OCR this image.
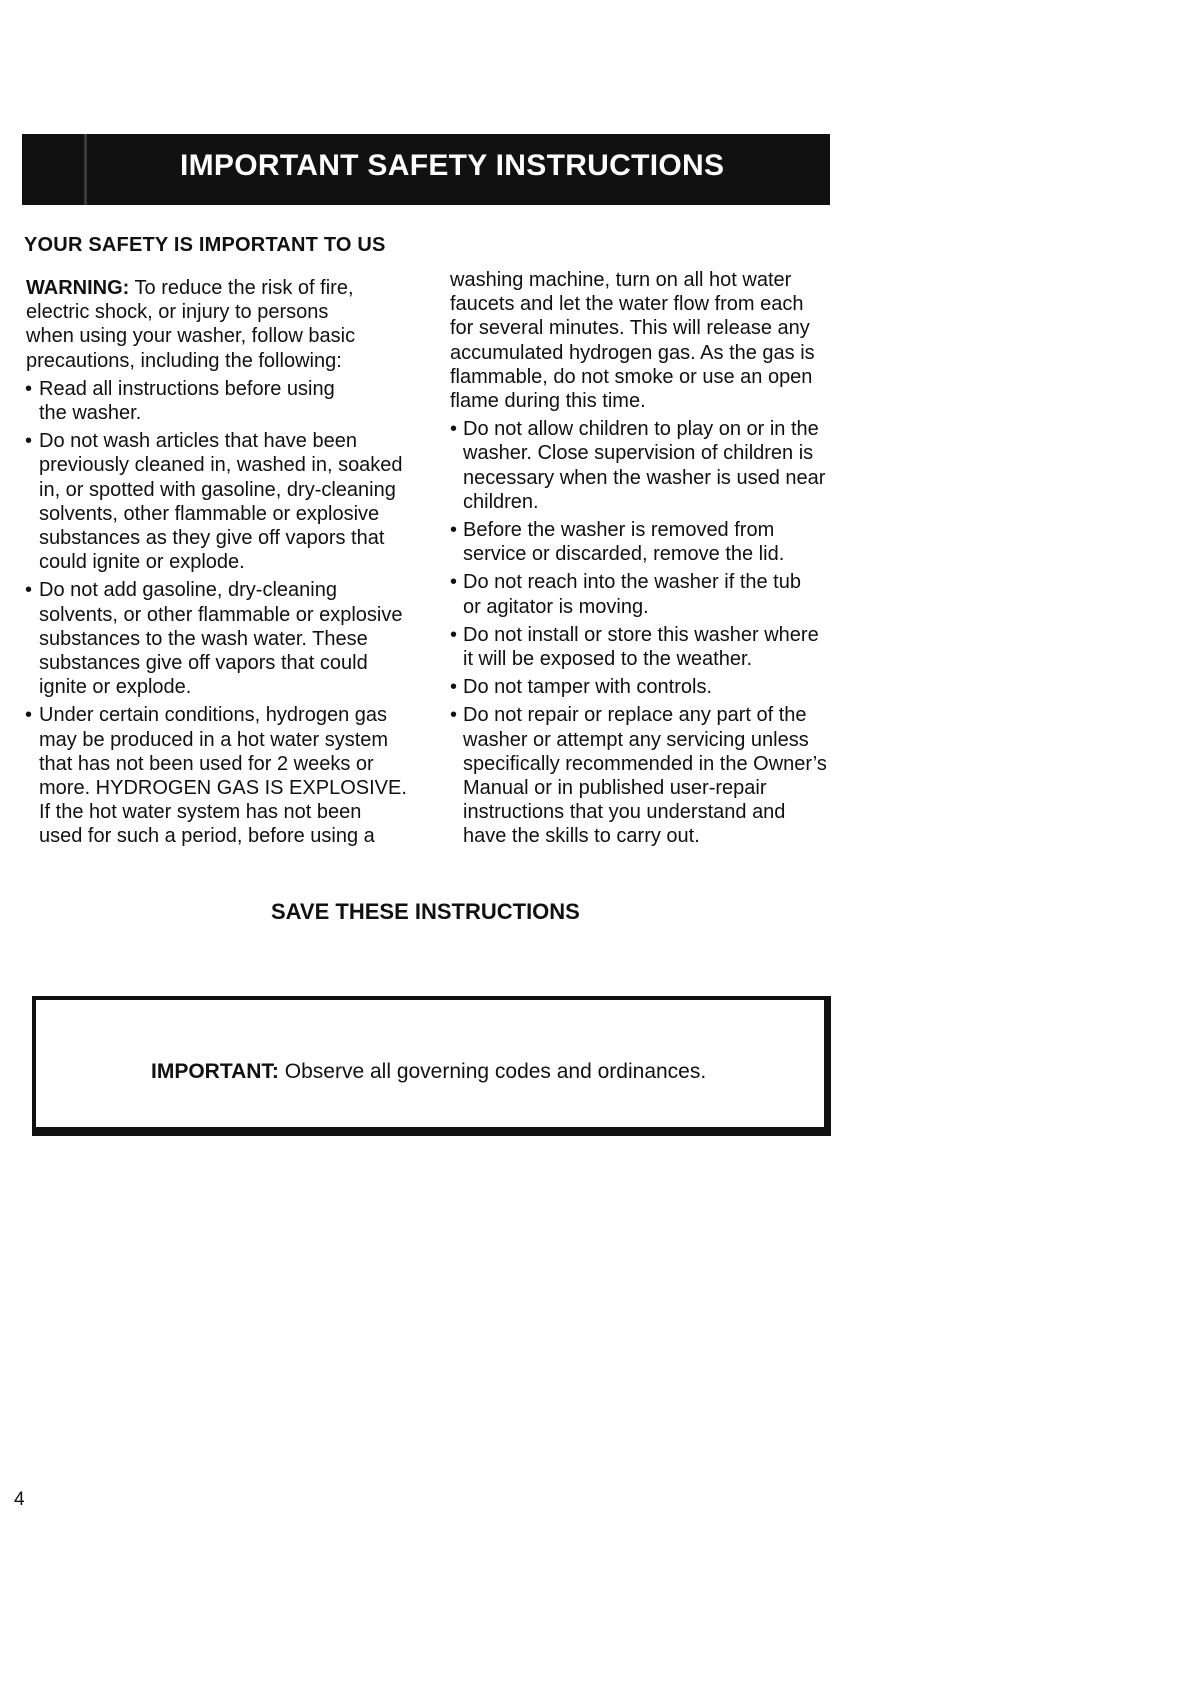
IMPORTANT SAFETY INSTRUCTIONS
YOUR SAFETY IS IMPORTANT TO US

WARNING: To reduce the risk of fire,
electric shock, or injury to persons
when using your washer, follow basic
precautions, including the following:

• Read all instructions before using
the washer.
• Do not wash articles that have been
previously cleaned in, washed in, soaked
in, or spotted with gasoline, dry-cleaning
solvents, other flammable or explosive
substances as they give off vapors that
could ignite or explode.
• Do not add gasoline, dry-cleaning
solvents, or other flammable or explosive
substances to the wash water. These
substances give off vapors that could
ignite or explode.
• Under certain conditions, hydrogen gas
may be produced in a hot water system
that has not been used for 2 weeks or
more. HYDROGEN GAS IS EXPLOSIVE.
If the hot water system has not been
used for such a period, before using a

washing machine, turn on all hot water
faucets and let the water flow from each
for several minutes. This will release any
accumulated hydrogen gas. As the gas is
flammable, do not smoke or use an open
flame during this time.

• Do not allow children to play on or in the
washer. Close supervision of children is
necessary when the washer is used near
children.
• Before the washer is removed from
service or discarded, remove the lid.
• Do not reach into the washer if the tub
or agitator is moving.
• Do not install or store this washer where
it will be exposed to the weather.
• Do not tamper with controls.
• Do not repair or replace any part of the
washer or attempt any servicing unless
specifically recommended in the Owner’s
Manual or in published user-repair
instructions that you understand and
have the skills to carry out.
SAVE THESE INSTRUCTIONS
IMPORTANT: Observe all governing codes and ordinances.
4
